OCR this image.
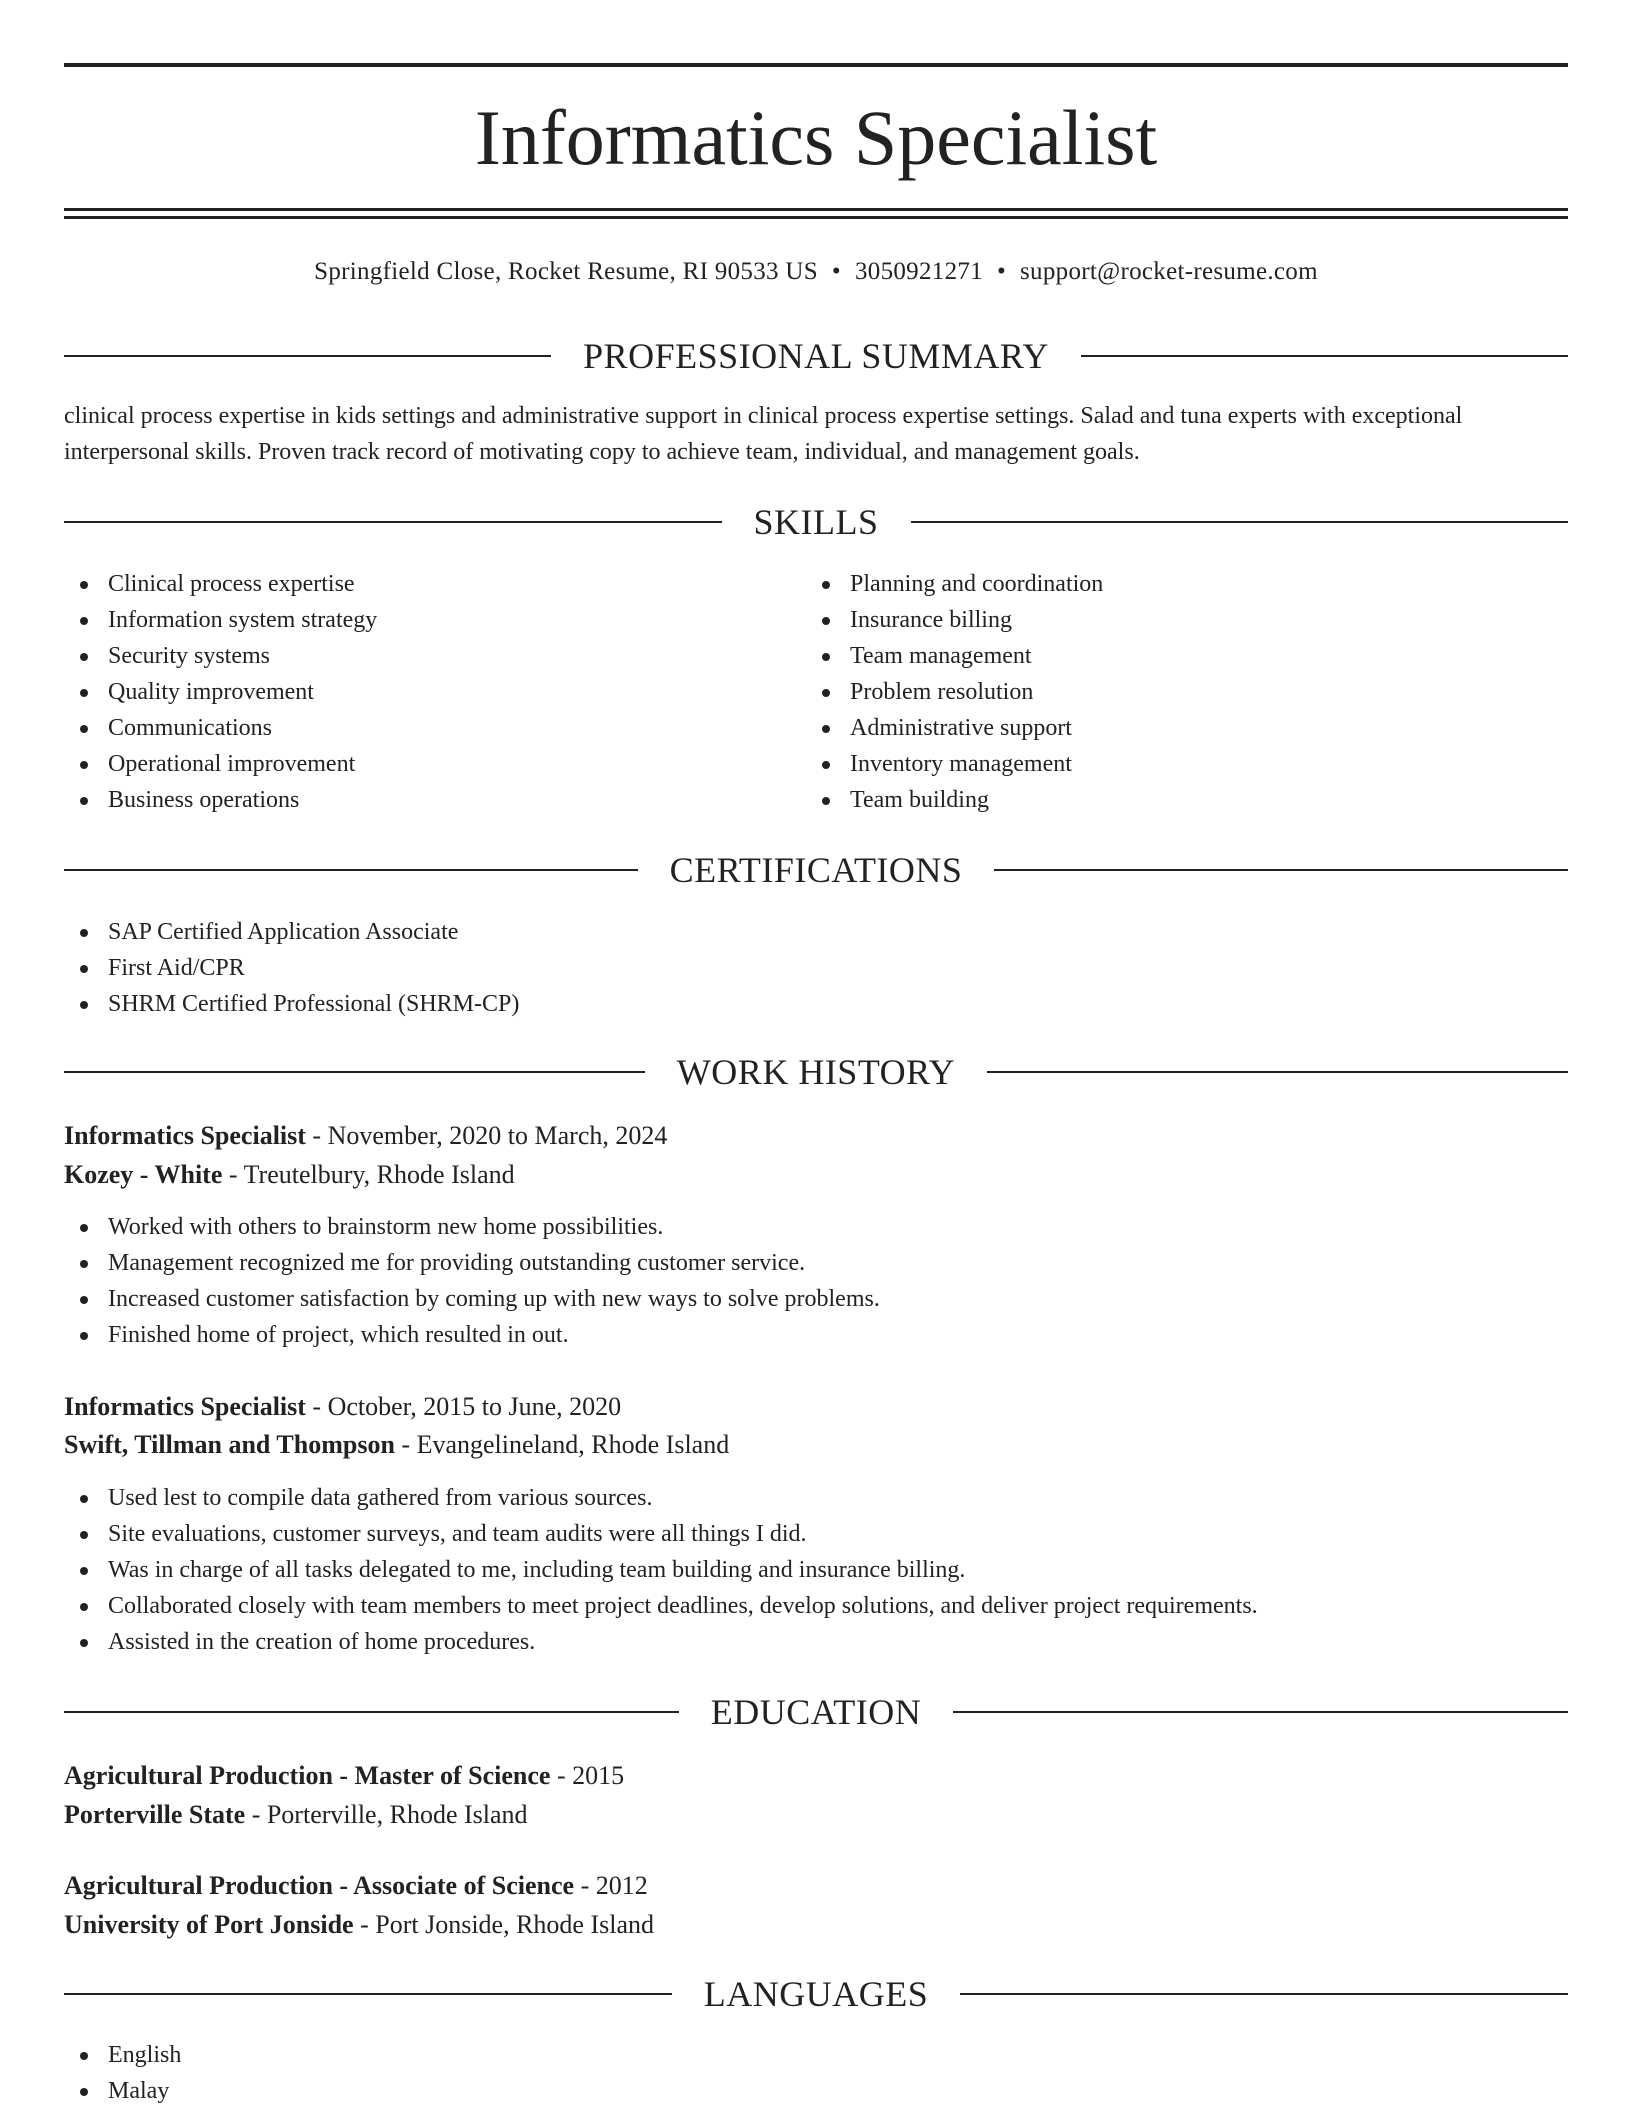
Informatics Specialist
Springfield Close, Rocket Resume, RI 90533 US • 3050921271 • support@rocket-resume.com
PROFESSIONAL SUMMARY

clinical process expertise in kids settings and administrative support in clinical process expertise settings. Salad and tuna experts with exceptional interpersonal skills. Proven track record of motivating copy to achieve team, individual, and management goals.

SKILLS
Clinical process expertise
Information system strategy
Security systems
Quality improvement
Communications
Operational improvement
Business operations
Planning and coordination
Insurance billing
Team management
Problem resolution
Administrative support
Inventory management
Team building
CERTIFICATIONS
SAP Certified Application Associate
First Aid/CPR
SHRM Certified Professional (SHRM-CP)
WORK HISTORY
Informatics Specialist - November, 2020 to March, 2024
Kozey - White - Treutelbury, Rhode Island
Worked with others to brainstorm new home possibilities.
Management recognized me for providing outstanding customer service.
Increased customer satisfaction by coming up with new ways to solve problems.
Finished home of project, which resulted in out.
Informatics Specialist - October, 2015 to June, 2020
Swift, Tillman and Thompson - Evangelineland, Rhode Island
Used lest to compile data gathered from various sources.
Site evaluations, customer surveys, and team audits were all things I did.
Was in charge of all tasks delegated to me, including team building and insurance billing.
Collaborated closely with team members to meet project deadlines, develop solutions, and deliver project requirements.
Assisted in the creation of home procedures.
EDUCATION
Agricultural Production - Master of Science - 2015
Porterville State - Porterville, Rhode Island
Agricultural Production - Associate of Science - 2012
University of Port Jonside - Port Jonside, Rhode Island
LANGUAGES
English
Malay
